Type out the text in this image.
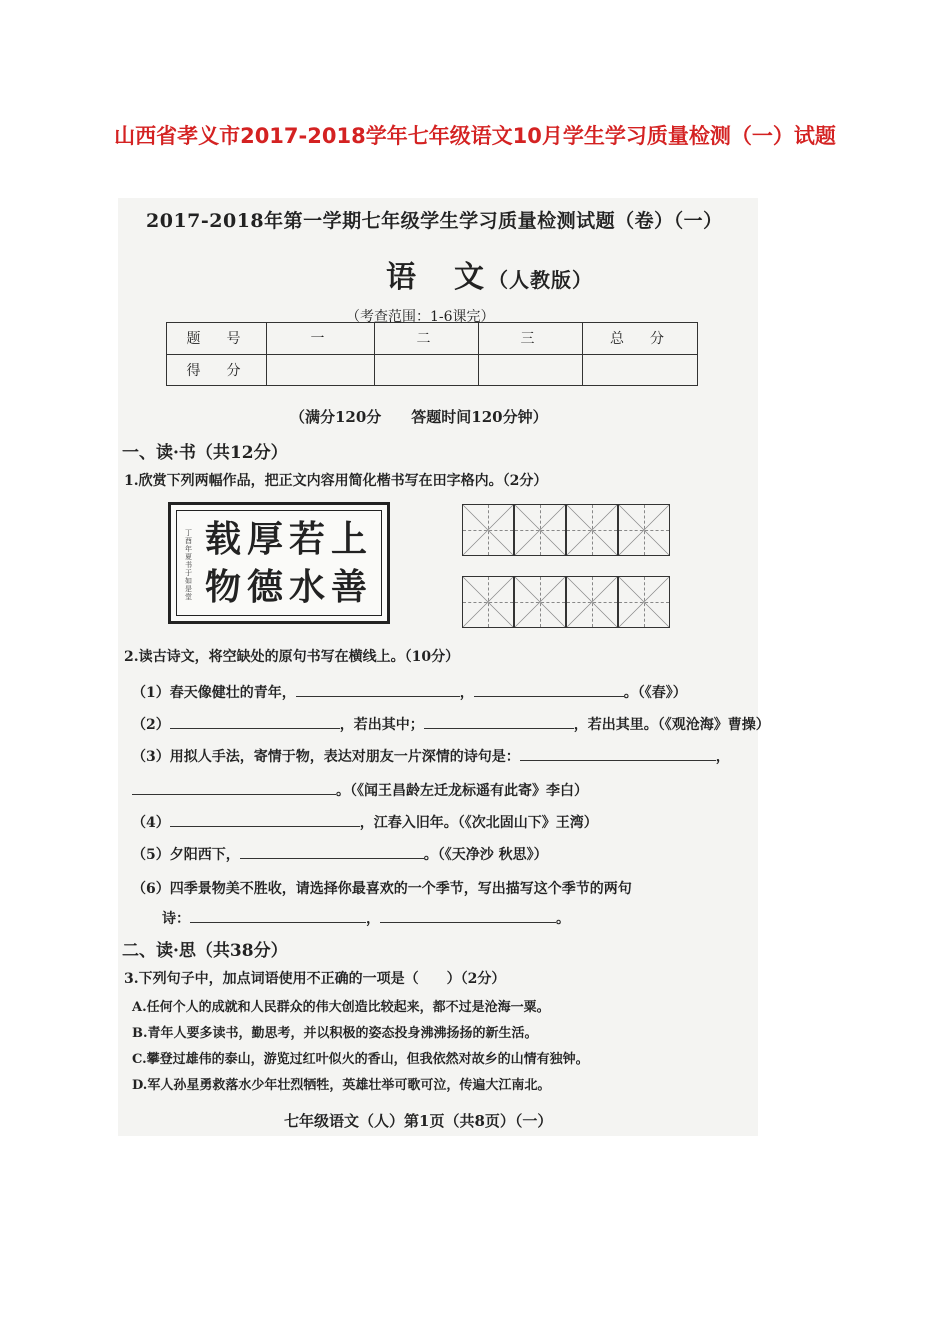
山西省孝义市2017-2018学年七年级语文10月学生学习质量检测（一）试题
2017-2018年第一学期七年级学生学习质量检测试题（卷）（一）
语　文（人教版）
（考查范围：1-6课完）
题　号	一	二	三	总　分
得　分				
（满分120分　　答题时间120分钟）
一、读·书（共12分）
1.欣赏下列两幅作品，把正文内容用简化楷书写在田字格内。（2分）
丁酉年夏书于如是堂
载厚若上
物德水善
2.读古诗文，将空缺处的原句书写在横线上。（10分）
（1）春天像健壮的青年，	，	。（《春》）
（2）	，若出其中；	，若出其里。（《观沧海》曹操）
（3）用拟人手法，寄情于物，表达对朋友一片深情的诗句是：	，
。（《闻王昌龄左迁龙标遥有此寄》李白）
（4）	，江春入旧年。（《次北固山下》王湾）
（5）夕阳西下，	。（《天净沙 秋思》）
（6）四季景物美不胜收，请选择你最喜欢的一个季节，写出描写这个季节的两句
诗：	，	。
二、读·思（共38分）
3.下列句子中，加点词语使用不正确的一项是（　　）（2分）
A.任何个人的成就和人民群众的伟大创造比较起来，都不过是沧海一粟。
B.青年人要多读书，勤思考，并以积极的姿态投身沸沸扬扬的新生活。
C.攀登过雄伟的泰山，游览过红叶似火的香山，但我依然对故乡的山情有独钟。
D.军人孙星勇救落水少年壮烈牺牲，英雄壮举可歌可泣，传遍大江南北。
七年级语文（人）第1页（共8页）（一）
